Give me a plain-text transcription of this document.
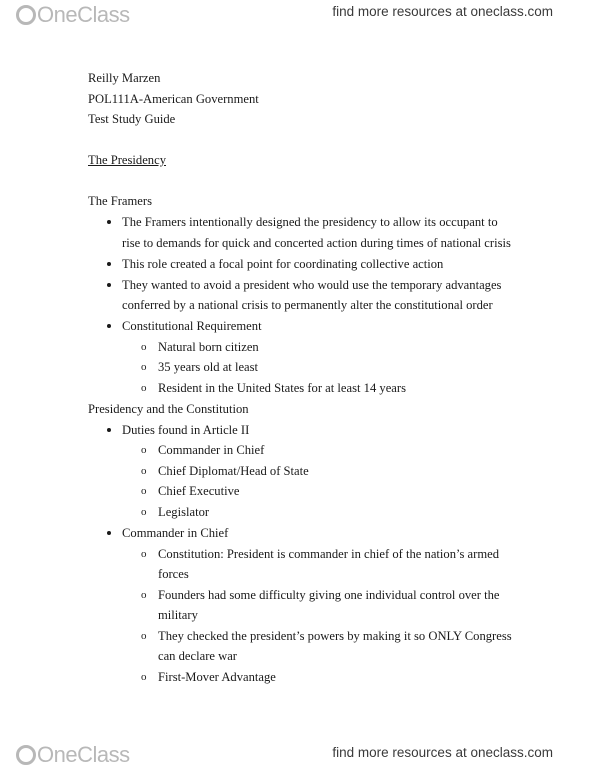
OneClass	find more resources at oneclass.com
Reilly Marzen
POL111A-American Government
Test Study Guide
The Presidency
The Framers
The Framers intentionally designed the presidency to allow its occupant to
rise to demands for quick and concerted action during times of national crisis
This role created a focal point for coordinating collective action
They wanted to avoid a president who would use the temporary advantages
conferred by a national crisis to permanently alter the constitutional order
Constitutional Requirement
o Natural born citizen
o 35 years old at least
o Resident in the United States for at least 14 years
Presidency and the Constitution
Duties found in Article II
o Commander in Chief
o Chief Diplomat/Head of State
o Chief Executive
o Legislator
Commander in Chief
o Constitution: President is commander in chief of the nation’s armed
forces
o Founders had some difficulty giving one individual control over the
military
o They checked the president’s powers by making it so ONLY Congress
can declare war
o First-Mover Advantage
OneClass	find more resources at oneclass.com
